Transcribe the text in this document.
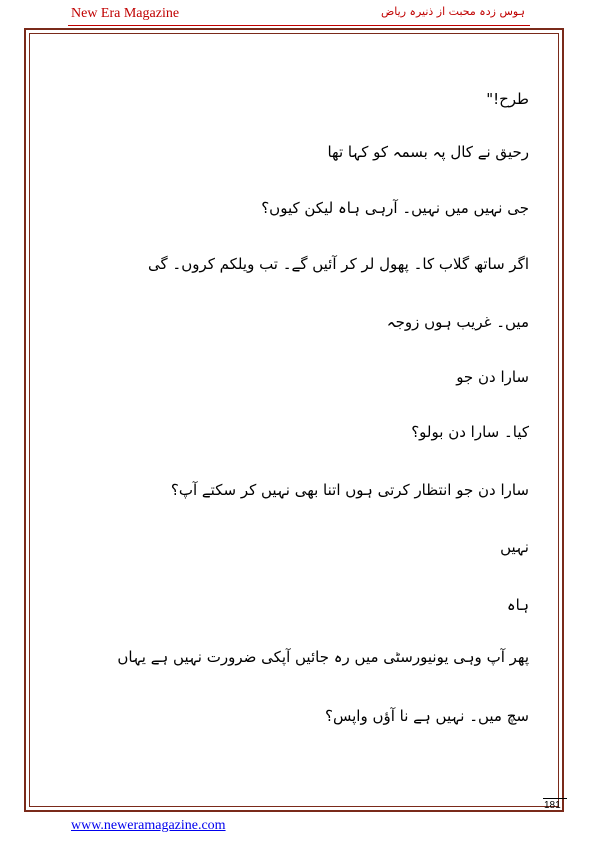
New Era Magazine	ہوس زدہ محبت از ذنیرہ ریاض
طرح!"
رحیق نے کال پہ بسمہ کو کہا تھا
جی نہیں میں نہیں۔ آرہی ہاہ لیکن کیوں؟
اگر ساتھ گلاب کا۔ پھول لر کر آئیں گے۔ تب ویلکم کروں۔ گی
میں۔ غریب ہوں زوجہ
سارا دن جو
کیا۔ سارا دن بولو؟
سارا دن جو انتظار کرتی ہوں اتنا بھی نہیں کر سکتے آپ؟
نہیں
ہاہ
پھر آپ وہی یونیورسٹی میں رہ جائیں آپکی ضرورت نہیں ہے یہاں
سچ میں۔ نہیں ہے نا آؤں واپس؟
181
www.neweramagazine.com
